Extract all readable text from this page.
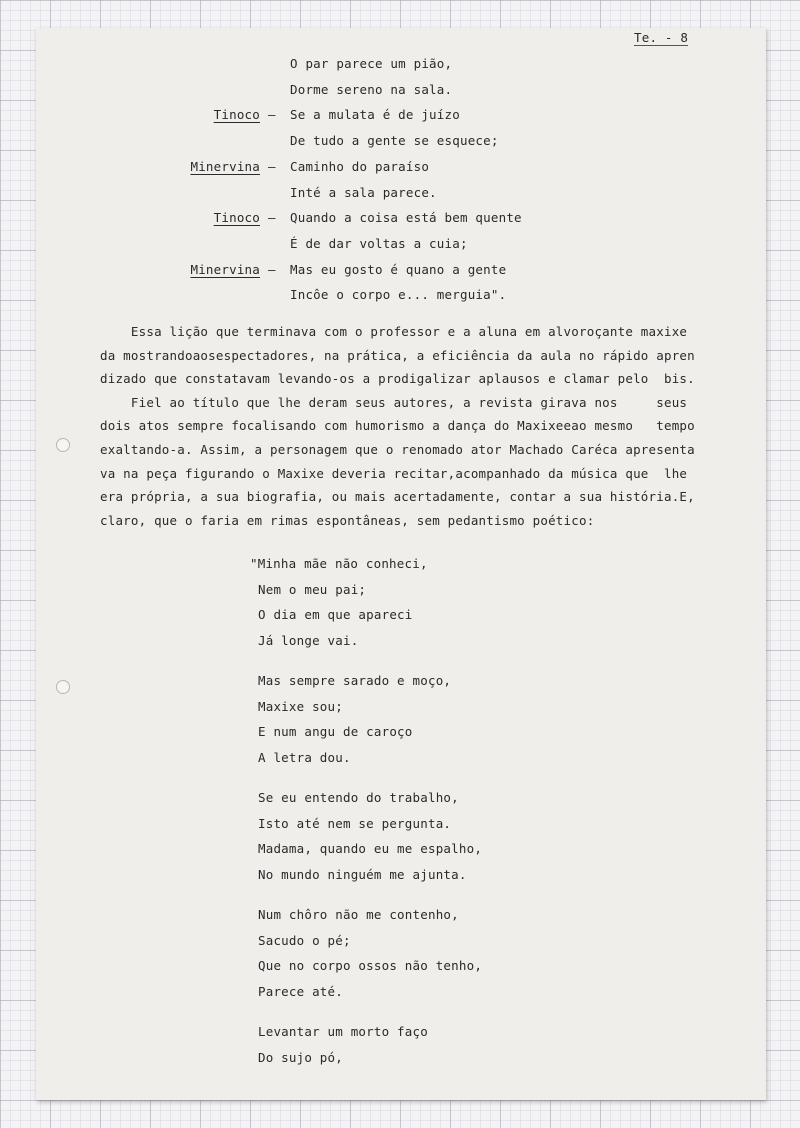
Te. - 8
O par parece um pião,
Dorme sereno na sala.
Tinoco — Se a mulata é de juízo
De tudo a gente se esquece;
Minervina — Caminho do paraíso
Inté a sala parece.
Tinoco — Quando a coisa está bem quente
É de dar voltas a cuia;
Minervina — Mas eu gosto é quano a gente
Incôe o corpo e... merguia".
Essa lição que terminava com o professor e a aluna em alvoroçante maxixe
da mostrandoaosespectadores, na prática, a eficiência da aula no rápido apren
dizado que constatavam levando-os a prodigalizar aplausos e clamar pelo  bis.
Fiel ao título que lhe deram seus autores, a revista girava nos     seus
dois atos sempre focalisando com humorismo a dança do Maxixeeao mesmo   tempo
exaltando-a. Assim, a personagem que o renomado ator Machado Caréca apresenta
va na peça figurando o Maxixe deveria recitar,acompanhado da música que  lhe
era própria, a sua biografia, ou mais acertadamente, contar a sua história.E,
claro, que o faria em rimas espontâneas, sem pedantismo poético:
"Minha mãe não conheci,
Nem o meu pai;
O dia em que apareci
Já longe vai.
Mas sempre sarado e moço,
Maxixe sou;
E num angu de caroço
A letra dou.
Se eu entendo do trabalho,
Isto até nem se pergunta.
Madama, quando eu me espalho,
No mundo ninguém me ajunta.
Num chôro não me contenho,
Sacudo o pé;
Que no corpo ossos não tenho,
Parece até.
Levantar um morto faço
Do sujo pó,
